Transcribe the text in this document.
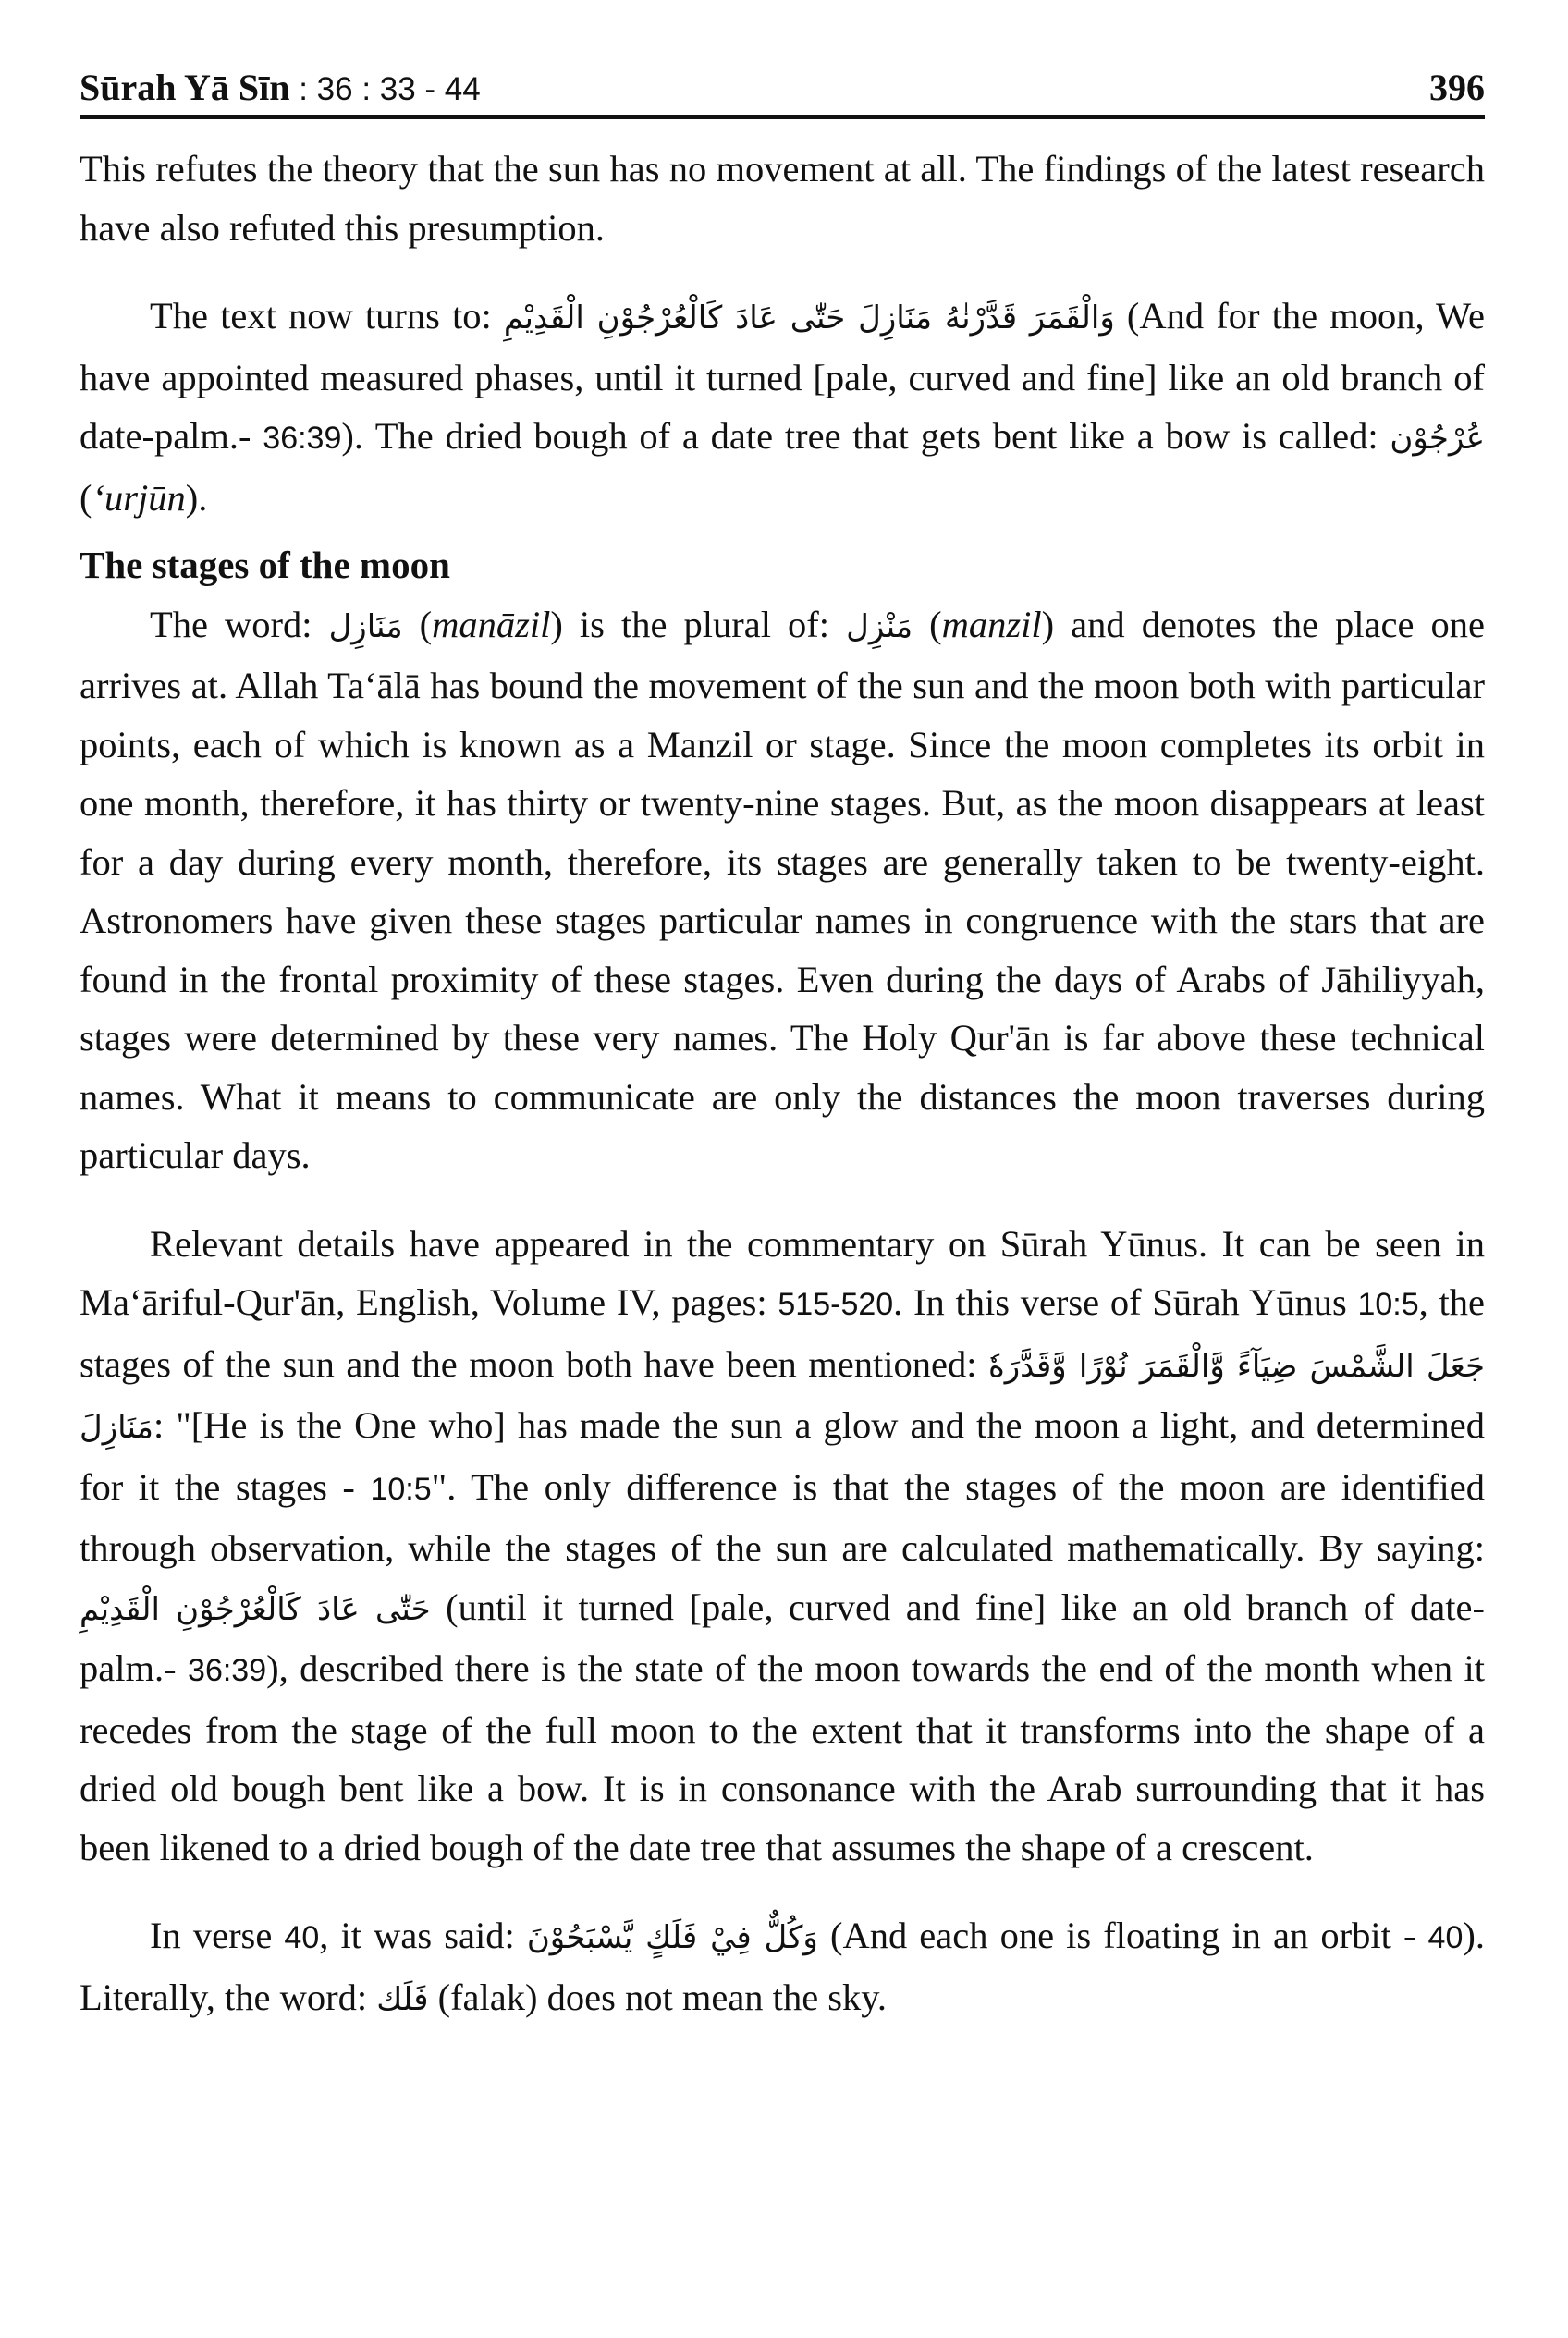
Sūrah Yā Sīn : 36 : 33 - 44	396

This refutes the theory that the sun has no movement at all. The findings of the latest research have also refuted this presumption.

The text now turns to: وَالْقَمَرَ قَدَّرْنٰهُ مَنَازِلَ حَتّٰى عَادَ كَالْعُرْجُوْنِ الْقَدِيْمِ (And for the moon, We have appointed measured phases, until it turned [pale, curved and fine] like an old branch of date-palm.- 36:39). The dried bough of a date tree that gets bent like a bow is called: عُرْجُوْن (ʻurjūn).

The stages of the moon

The word: مَنَازِل (manāzil) is the plural of: مَنْزِل (manzil) and denotes the place one arrives at. Allah Taʻālā has bound the movement of the sun and the moon both with particular points, each of which is known as a Manzil or stage. Since the moon completes its orbit in one month, therefore, it has thirty or twenty-nine stages. But, as the moon disappears at least for a day during every month, therefore, its stages are generally taken to be twenty-eight. Astronomers have given these stages particular names in congruence with the stars that are found in the frontal proximity of these stages. Even during the days of Arabs of Jāhiliyyah, stages were determined by these very names. The Holy Qur'ān is far above these technical names. What it means to communicate are only the distances the moon traverses during particular days.

Relevant details have appeared in the commentary on Sūrah Yūnus. It can be seen in Maʻāriful-Qur'ān, English, Volume IV, pages: 515-520. In this verse of Sūrah Yūnus 10:5, the stages of the sun and the moon both have been mentioned: جَعَلَ الشَّمْسَ ضِيَآءً وَّالْقَمَرَ نُوْرًا وَّقَدَّرَهٗ مَنَازِلَ: "[He is the One who] has made the sun a glow and the moon a light, and determined for it the stages - 10:5". The only difference is that the stages of the moon are identified through observation, while the stages of the sun are calculated mathematically. By saying: حَتّٰى عَادَ كَالْعُرْجُوْنِ الْقَدِيْمِ (until it turned [pale, curved and fine] like an old branch of date-palm.- 36:39), described there is the state of the moon towards the end of the month when it recedes from the stage of the full moon to the extent that it transforms into the shape of a dried old bough bent like a bow. It is in consonance with the Arab surrounding that it has been likened to a dried bough of the date tree that assumes the shape of a crescent.

In verse 40, it was said: وَكُلٌّ فِيْ فَلَكٍ يَّسْبَحُوْنَ (And each one is floating in an orbit - 40). Literally, the word: فَلَك (falak) does not mean the sky.
